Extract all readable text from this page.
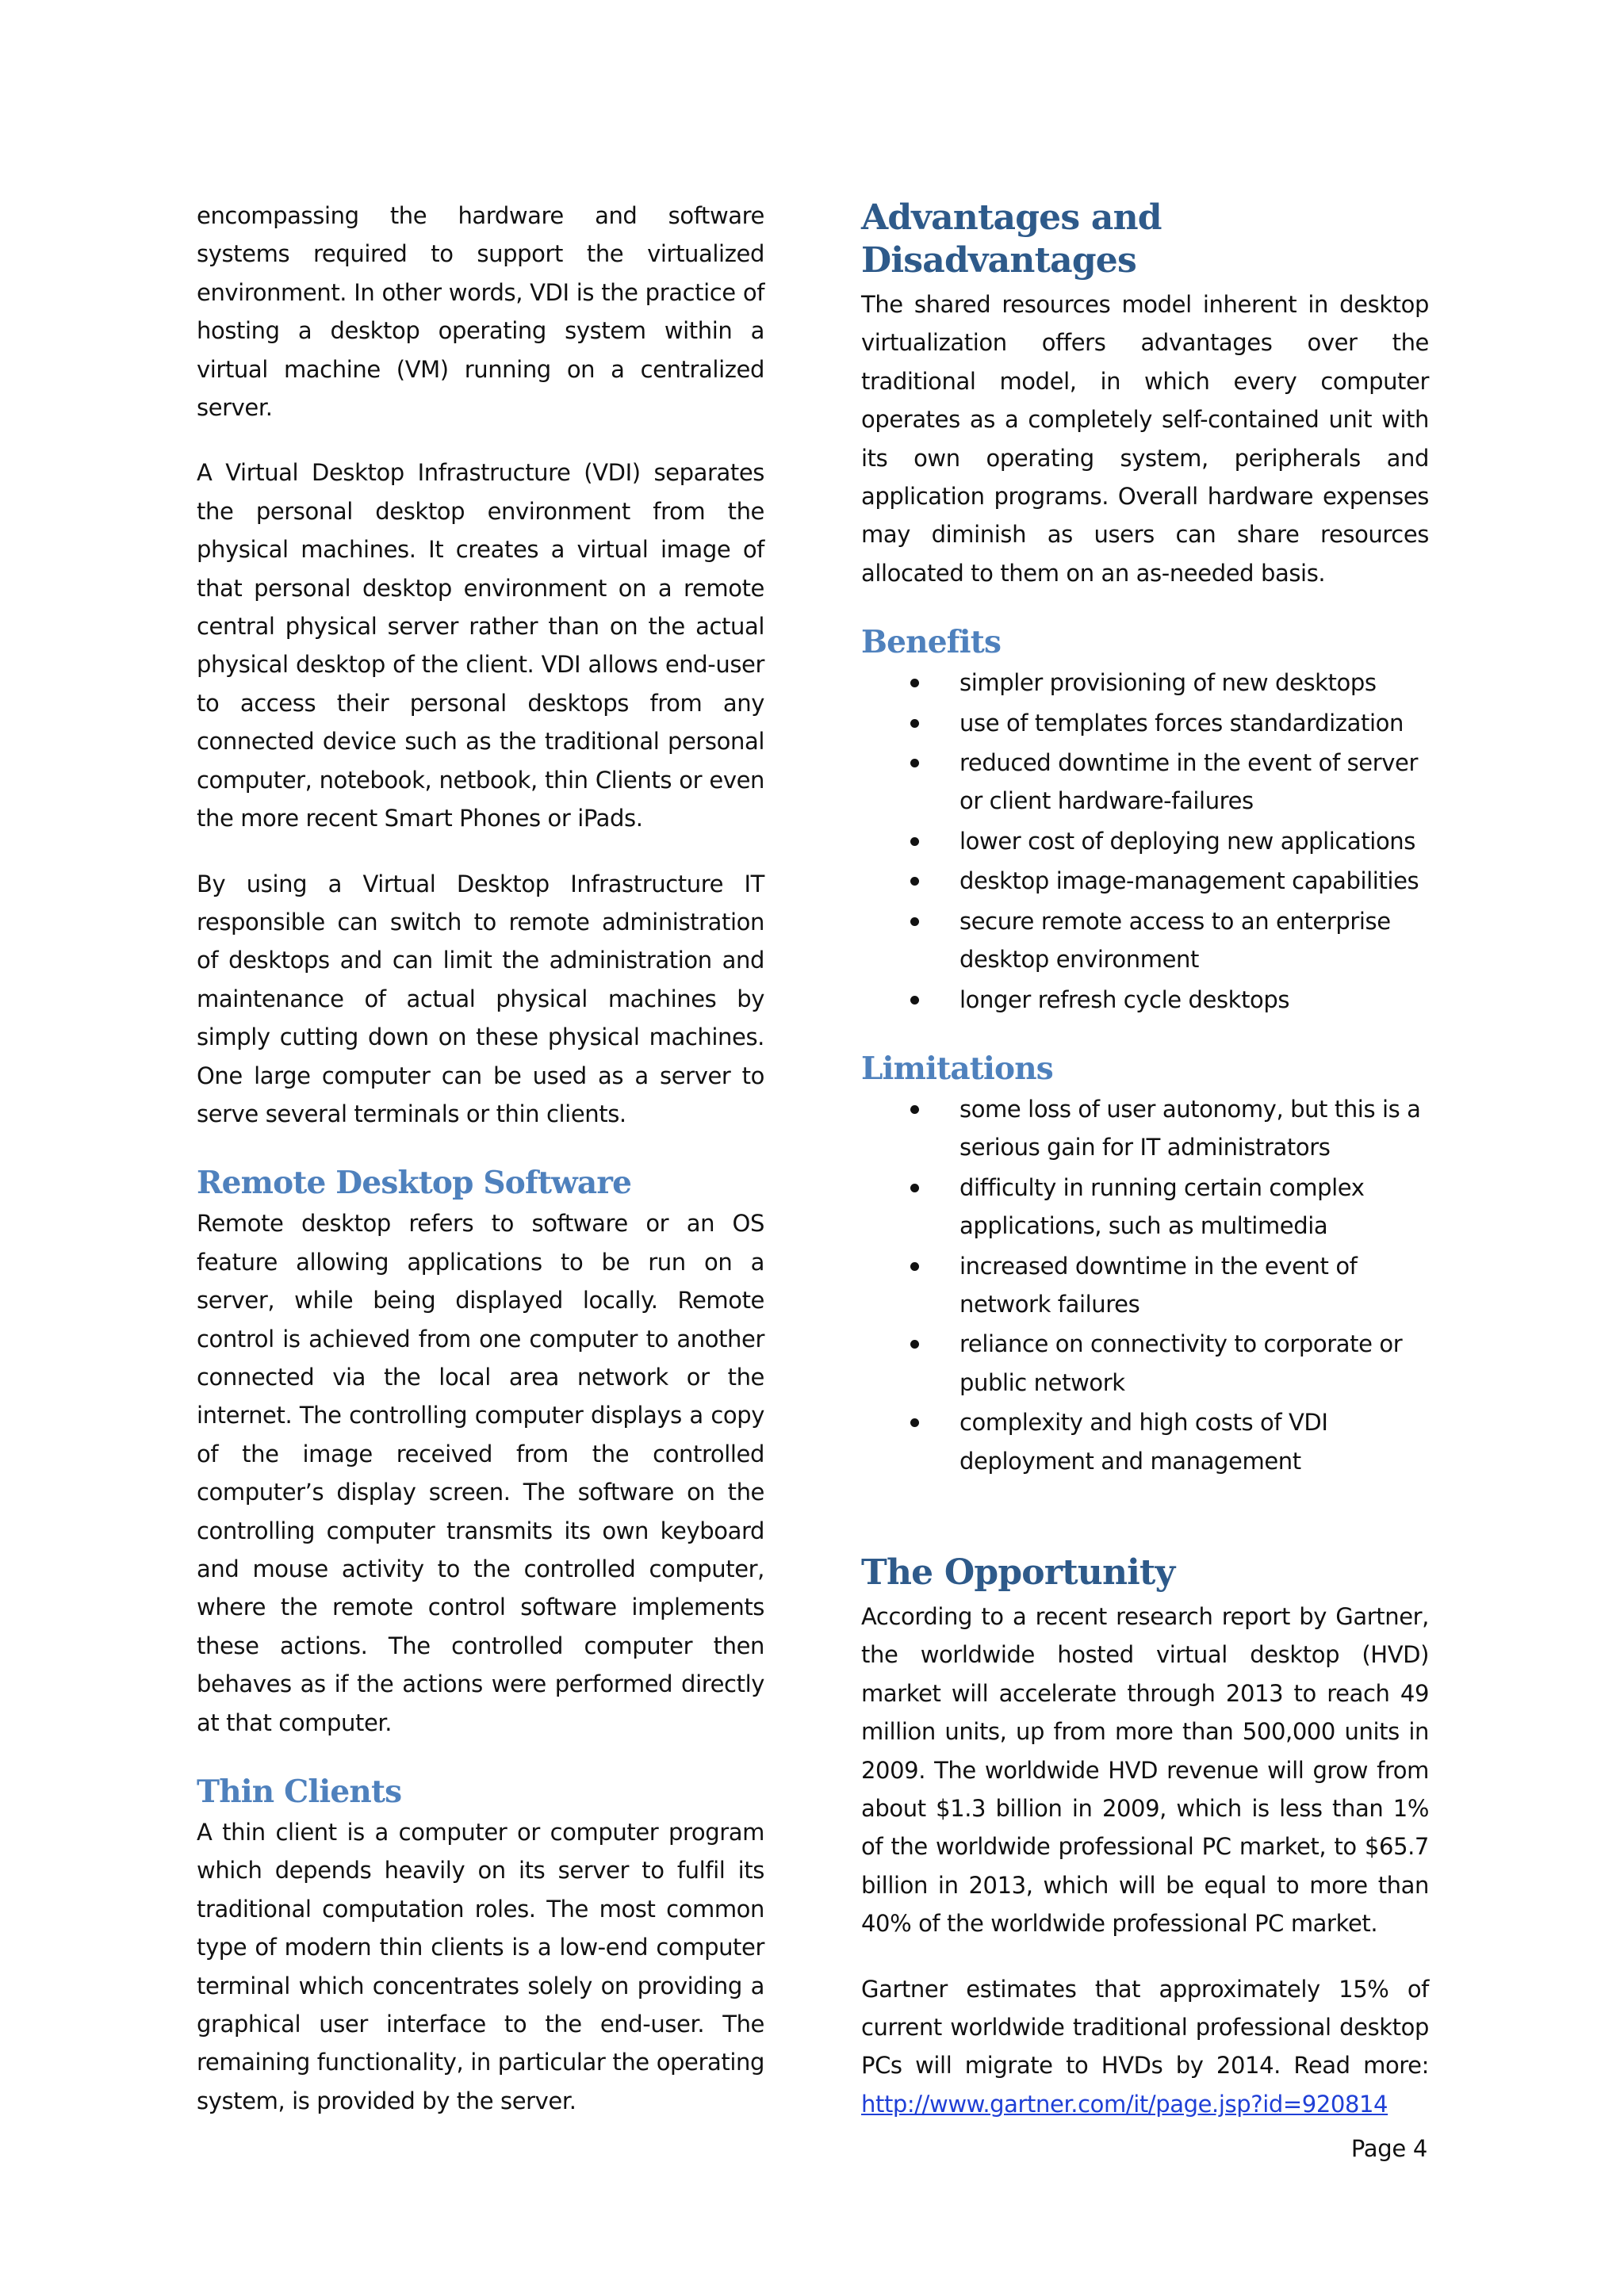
encompassing the hardware and software systems required to support the virtualized environment. In other words, VDI is the practice of hosting a desktop operating system within a virtual machine (VM) running on a centralized server.

A Virtual Desktop Infrastructure (VDI) separates the personal desktop environment from the physical machines. It creates a virtual image of that personal desktop environment on a remote central physical server rather than on the actual physical desktop of the client. VDI allows end-user to access their personal desktops from any connected device such as the traditional personal computer, notebook, netbook, thin Clients or even the more recent Smart Phones or iPads.

By using a Virtual Desktop Infrastructure IT responsible can switch to remote administration of desktops and can limit the administration and maintenance of actual physical machines by simply cutting down on these physical machines. One large computer can be used as a server to serve several terminals or thin clients.

Remote Desktop Software

Remote desktop refers to software or an OS feature allowing applications to be run on a server, while being displayed locally. Remote control is achieved from one computer to another connected via the local area network or the internet. The controlling computer displays a copy of the image received from the controlled computer’s display screen. The software on the controlling computer transmits its own keyboard and mouse activity to the controlled computer, where the remote control software implements these actions. The controlled computer then behaves as if the actions were performed directly at that computer.

Thin Clients

A thin client is a computer or computer program which depends heavily on its server to fulfil its traditional computation roles. The most common type of modern thin clients is a low-end computer terminal which concentrates solely on providing a graphical user interface to the end-user. The remaining functionality, in particular the operating system, is provided by the server.

Advantages and Disadvantages

The shared resources model inherent in desktop virtualization offers advantages over the traditional model, in which every computer operates as a completely self-contained unit with its own operating system, peripherals and application programs. Overall hardware expenses may diminish as users can share resources allocated to them on an as-needed basis.

Benefits
simpler provisioning of new desktops
use of templates forces standardization
reduced downtime in the event of server or client hardware-failures
lower cost of deploying new applications
desktop image-management capabilities
secure remote access to an enterprise desktop environment
longer refresh cycle desktops
Limitations
some loss of user autonomy, but this is a serious gain for IT administrators
difficulty in running certain complex applications, such as multimedia
increased downtime in the event of network failures
reliance on connectivity to corporate or public network
complexity and high costs of VDI deployment and management
The Opportunity

According to a recent research report by Gartner, the worldwide hosted virtual desktop (HVD) market will accelerate through 2013 to reach 49 million units, up from more than 500,000 units in 2009. The worldwide HVD revenue will grow from about $1.3 billion in 2009, which is less than 1% of the worldwide professional PC market, to $65.7 billion in 2013, which will be equal to more than 40% of the worldwide professional PC market.

Gartner estimates that approximately 15% of current worldwide traditional professional desktop PCs will migrate to HVDs by 2014. Read more: http://www.gartner.com/it/page.jsp?id=920814

Page 4
